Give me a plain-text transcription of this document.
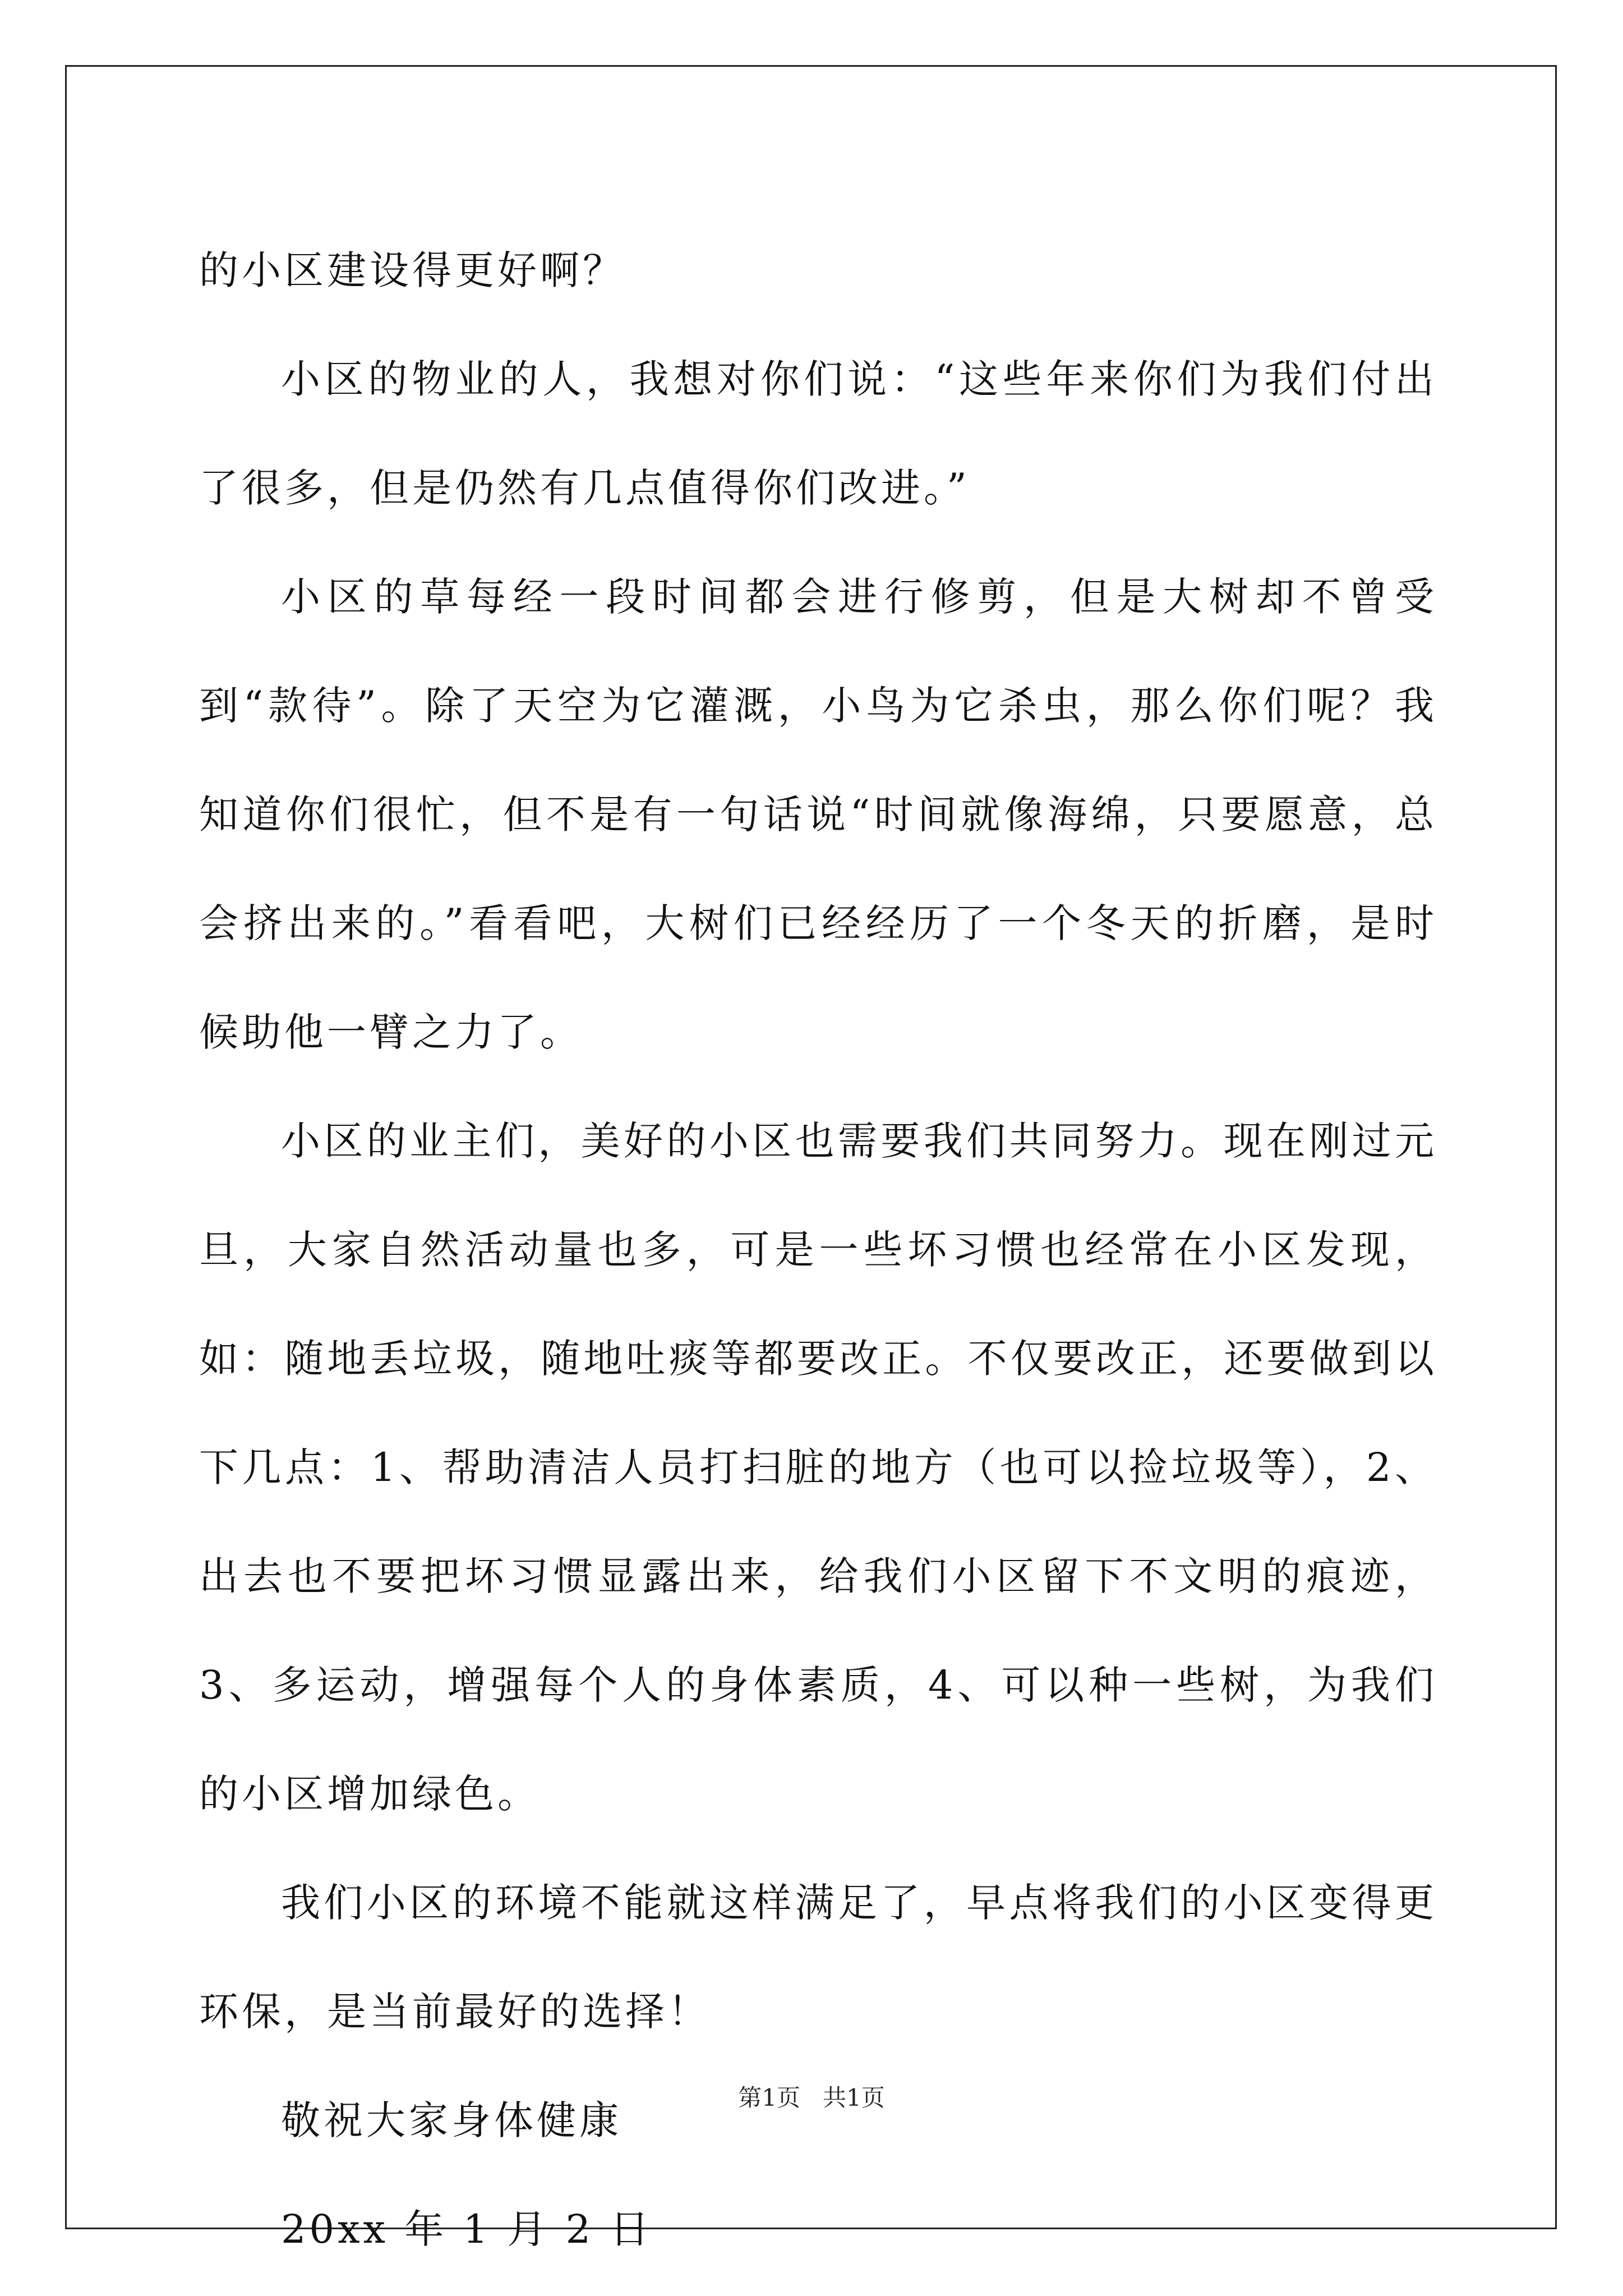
的小区建设得更好啊？

小区的物业的人，我想对你们说：“这些年来你们为我们付出了很多，但是仍然有几点值得你们改进。”

小区的草每经一段时间都会进行修剪，但是大树却不曾受到“款待”。除了天空为它灌溉，小鸟为它杀虫，那么你们呢？我知道你们很忙，但不是有一句话说“时间就像海绵，只要愿意，总会挤出来的。”看看吧，大树们已经经历了一个冬天的折磨，是时候助他一臂之力了。

小区的业主们，美好的小区也需要我们共同努力。现在刚过元旦，大家自然活动量也多，可是一些坏习惯也经常在小区发现，如：随地丢垃圾，随地吐痰等都要改正。不仅要改正，还要做到以下几点：1、帮助清洁人员打扫脏的地方（也可以捡垃圾等），2、出去也不要把坏习惯显露出来，给我们小区留下不文明的痕迹，3、多运动，增强每个人的身体素质，4、可以种一些树，为我们的小区增加绿色。

我们小区的环境不能就这样满足了，早点将我们的小区变得更环保，是当前最好的选择！

敬祝大家身体健康

20xx 年 1 月 2 日

第1页   共1页
